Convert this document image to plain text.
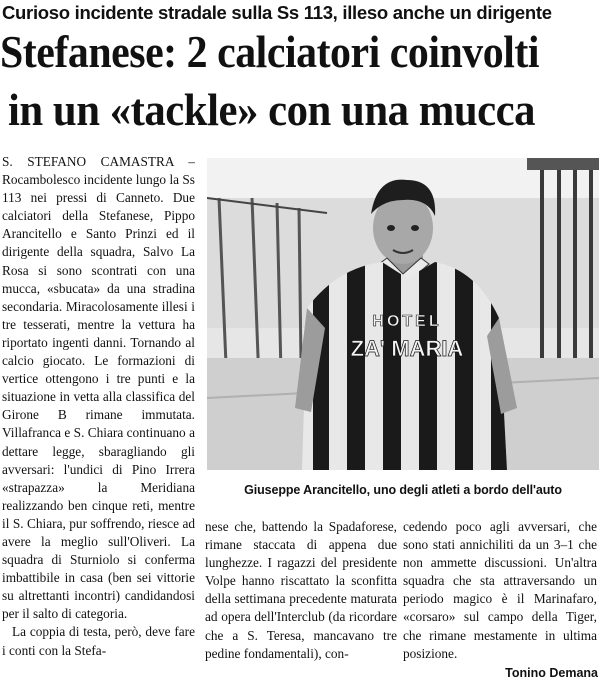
Curioso incidente stradale sulla Ss 113, illeso anche un dirigente
Stefanese: 2 calciatori coinvolti
in un «tackle» con una mucca

S. STEFANO CAMASTRA – Rocambolesco incidente lungo la Ss 113 nei pressi di Canneto. Due calciatori della Stefanese, Pippo Arancitello e Santo Prinzi ed il dirigente della squadra, Salvo La Rosa si sono scontrati con una mucca, «sbucata» da una stradina secondaria. Miracolosamente illesi i tre tesserati, mentre la vettura ha riportato ingenti danni. Tornando al calcio giocato. Le formazioni di vertice ottengono i tre punti e la situazione in vetta alla classifica del Girone B rimane immutata. Villafranca e S. Chiara continuano a dettare legge, sbaragliando gli avversari: l'undici di Pino Irrera «strapazza» la Meridiana realizzando ben cinque reti, mentre il S. Chiara, pur soffrendo, riesce ad avere la meglio sull'Oliveri. La squadra di Sturniolo si conferma imbattibile in casa (ben sei vittorie su altrettanti incontri) candidandosi per il salto di categoria.

La coppia di testa, però, deve fare i conti con la Stefa-

HOTEL
ZA' MARIA
Giuseppe Arancitello, uno degli atleti a bordo dell'auto

nese che, battendo la Spadaforese, rimane staccata di appena due lunghezze. I ragazzi del presidente Volpe hanno riscattato la sconfitta della settimana precedente maturata ad opera dell'Interclub (da ricordare che a S. Teresa, mancavano tre pedine fondamentali), con-

cedendo poco agli avversari, che sono stati annichiliti da un 3–1 che non ammette discussioni. Un'altra squadra che sta attraversando un periodo magico è il Marinafaro, «corsaro» sul campo della Tiger, che rimane mestamente in ultima posizione.

Tonino Demana
